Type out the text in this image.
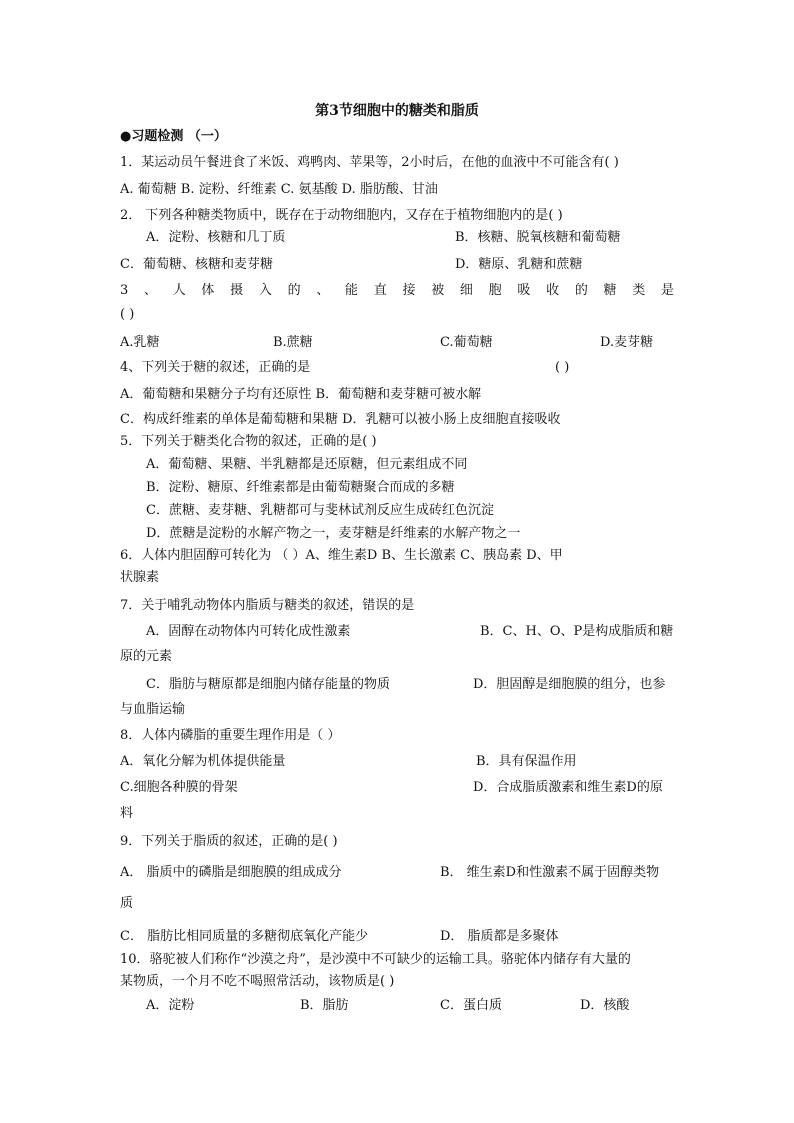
第3节细胞中的糖类和脂质
●习题检测 （一）
1．某运动员午餐进食了米饭、鸡鸭肉、苹果等，2小时后，在他的血液中不可能含有( )
A. 葡萄糖 B. 淀粉、纤维素 C. 氨基酸 D. 脂肪酸、甘油
2． 下列各种糖类物质中，既存在于动物细胞内，又存在于植物细胞内的是( )
A．淀粉、核糖和几丁质	B．核糖、脱氧核糖和葡萄糖
C．葡萄糖、核糖和麦芽糖	D．糖原、乳糖和蔗糖
3、人体摄入的、能直接被细胞吸收的糖类是
( )
A.乳糖	B.蔗糖	C.葡萄糖	D.麦芽糖
4、下列关于糖的叙述，正确的是	( )
A．葡萄糖和果糖分子均有还原性 B．葡萄糖和麦芽糖可被水解
C．构成纤维素的单体是葡萄糖和果糖 D．乳糖可以被小肠上皮细胞直接吸收
5．下列关于糖类化合物的叙述，正确的是( )
A．葡萄糖、果糖、半乳糖都是还原糖，但元素组成不同
B．淀粉、糖原、纤维素都是由葡萄糖聚合而成的多糖
C．蔗糖、麦芽糖、乳糖都可与斐林试剂反应生成砖红色沉淀
D．蔗糖是淀粉的水解产物之一，麦芽糖是纤维素的水解产物之一
6．人体内胆固醇可转化为 （ ）A、维生素D B、生长激素 C、胰岛素 D、甲
状腺素
7．关于哺乳动物体内脂质与糖类的叙述，错误的是
A．固醇在动物体内可转化成性激素	B．C、H、O、P是构成脂质和糖
原的元素
C．脂肪与糖原都是细胞内储存能量的物质	D．胆固醇是细胞膜的组分，也参
与血脂运输
8．人体内磷脂的重要生理作用是（ ）
A．氧化分解为机体提供能量	B．具有保温作用
C.细胞各种膜的骨架	D．合成脂质激素和维生素D的原
料
9．下列关于脂质的叙述，正确的是( )
A． 脂质中的磷脂是细胞膜的组成成分	B． 维生素D和性激素不属于固醇类物
质
C． 脂肪比相同质量的多糖彻底氧化产能少	D． 脂质都是多聚体
10．骆驼被人们称作“沙漠之舟”，是沙漠中不可缺少的运输工具。骆驼体内储存有大量的
某物质，一个月不吃不喝照常活动，该物质是( )
A．淀粉	B．脂肪	C．蛋白质	D．核酸
